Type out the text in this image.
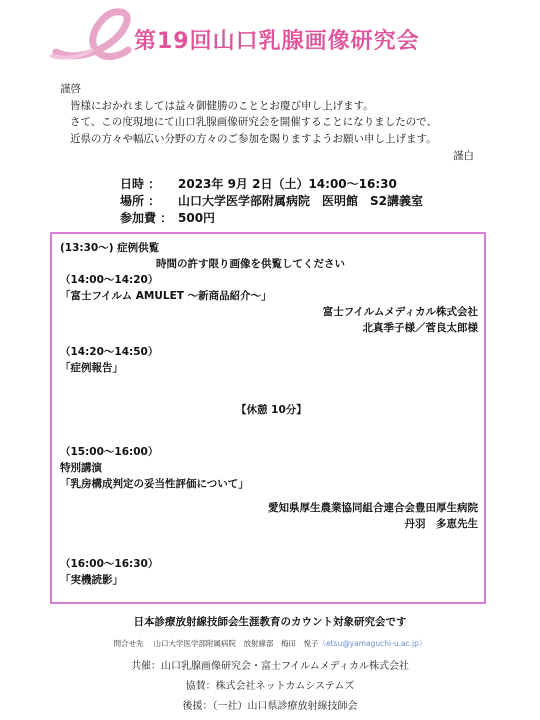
第19回山口乳腺画像研究会
謹啓
皆様におかれましては益々御健勝のこととお慶び申し上げます。
さて、この度現地にて山口乳腺画像研究会を開催することになりましたので、
近県の方々や幅広い分野の方々のご参加を賜りますようお願い申し上げます。
謹白
日時 ： 2023年 9月 2日（土）14:00〜16:30
場所 ： 山口大学医学部附属病院　医明館　S2講義室
参加費 ： 500円
(13:30〜) 症例供覧
時間の許す限り画像を供覧してください
（14:00〜14:20）
「富士フイルム AMULET 〜新商品紹介〜」
富士フイルムメディカル株式会社
北真季子様／菅良太郎様
（14:20〜14:50）
「症例報告」
【休憩 10分】
（15:00〜16:00）
特別講演
「乳房構成判定の妥当性評価について」
愛知県厚生農業協同組合連合会豊田厚生病院
丹羽　多恵先生
（16:00〜16:30）
「実機読影」
日本診療放射線技師会生涯教育のカウント対象研究会です
問合せ先　 山口大学医学部附属病院　放射線部　梅田　悦子（etsu@yamaguchi-u.ac.jp）
共催：山口乳腺画像研究会・富士フイルムメディカル株式会社
協賛：株式会社ネットカムシステムズ
後援：（一社）山口県診療放射線技師会
